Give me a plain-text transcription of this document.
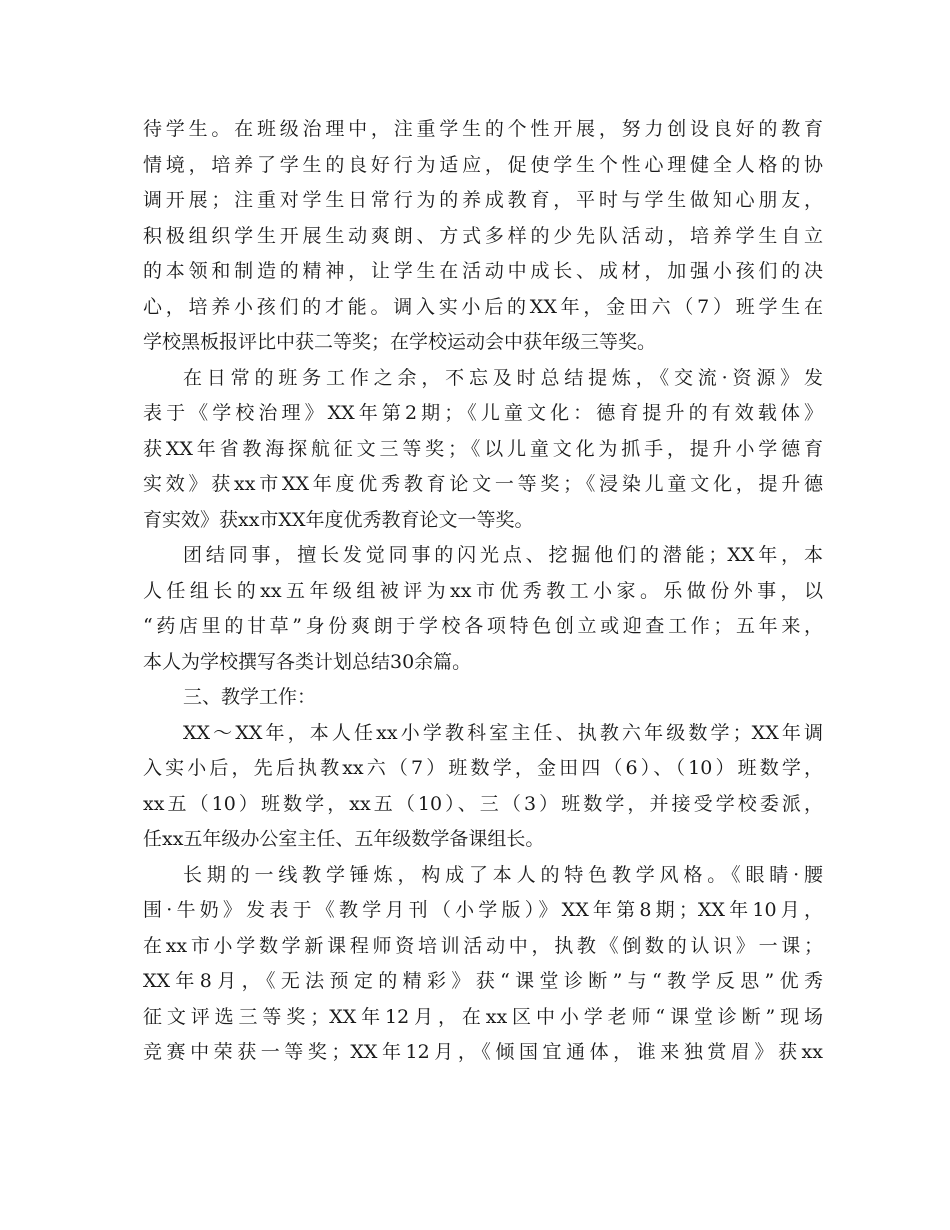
待学生。在班级治理中，注重学生的个性开展，努力创设良好的教育
情境，培养了学生的良好行为适应，促使学生个性心理健全人格的协
调开展；注重对学生日常行为的养成教育，平时与学生做知心朋友，
积极组织学生开展生动爽朗、方式多样的少先队活动，培养学生自立
的本领和制造的精神，让学生在活动中成长、成材，加强小孩们的决
心，培养小孩们的才能。调入实小后的XX年，金田六（7）班学生在
学校黑板报评比中获二等奖；在学校运动会中获年级三等奖。
在日常的班务工作之余，不忘及时总结提炼，《交流·资源》发
表于《学校治理》XX年第2期；《儿童文化：德育提升的有效载体》
获XX年省教海探航征文三等奖；《以儿童文化为抓手，提升小学德育
实效》获xx市XX年度优秀教育论文一等奖；《浸染儿童文化，提升德
育实效》获xx市XX年度优秀教育论文一等奖。
团结同事，擅长发觉同事的闪光点、挖掘他们的潜能；XX年，本
人任组长的xx五年级组被评为xx市优秀教工小家。乐做份外事，以
“药店里的甘草”身份爽朗于学校各项特色创立或迎查工作；五年来，
本人为学校撰写各类计划总结30余篇。
三、教学工作：
XX～XX年，本人任xx小学教科室主任、执教六年级数学；XX年调
入实小后，先后执教xx六（7）班数学，金田四（6）、（10）班数学，
xx五（10）班数学，xx五（10）、三（3）班数学，并接受学校委派，
任xx五年级办公室主任、五年级数学备课组长。
长期的一线教学锤炼，构成了本人的特色教学风格。《眼睛·腰
围·牛奶》发表于《教学月刊（小学版）》XX年第8期；XX年10月，
在xx市小学数学新课程师资培训活动中，执教《倒数的认识》一课；
XX年8月，《无法预定的精彩》获“课堂诊断”与“教学反思”优秀
征文评选三等奖；XX年12月，在xx区中小学老师“课堂诊断”现场
竞赛中荣获一等奖；XX年12月，《倾国宜通体，谁来独赏眉》获xx
